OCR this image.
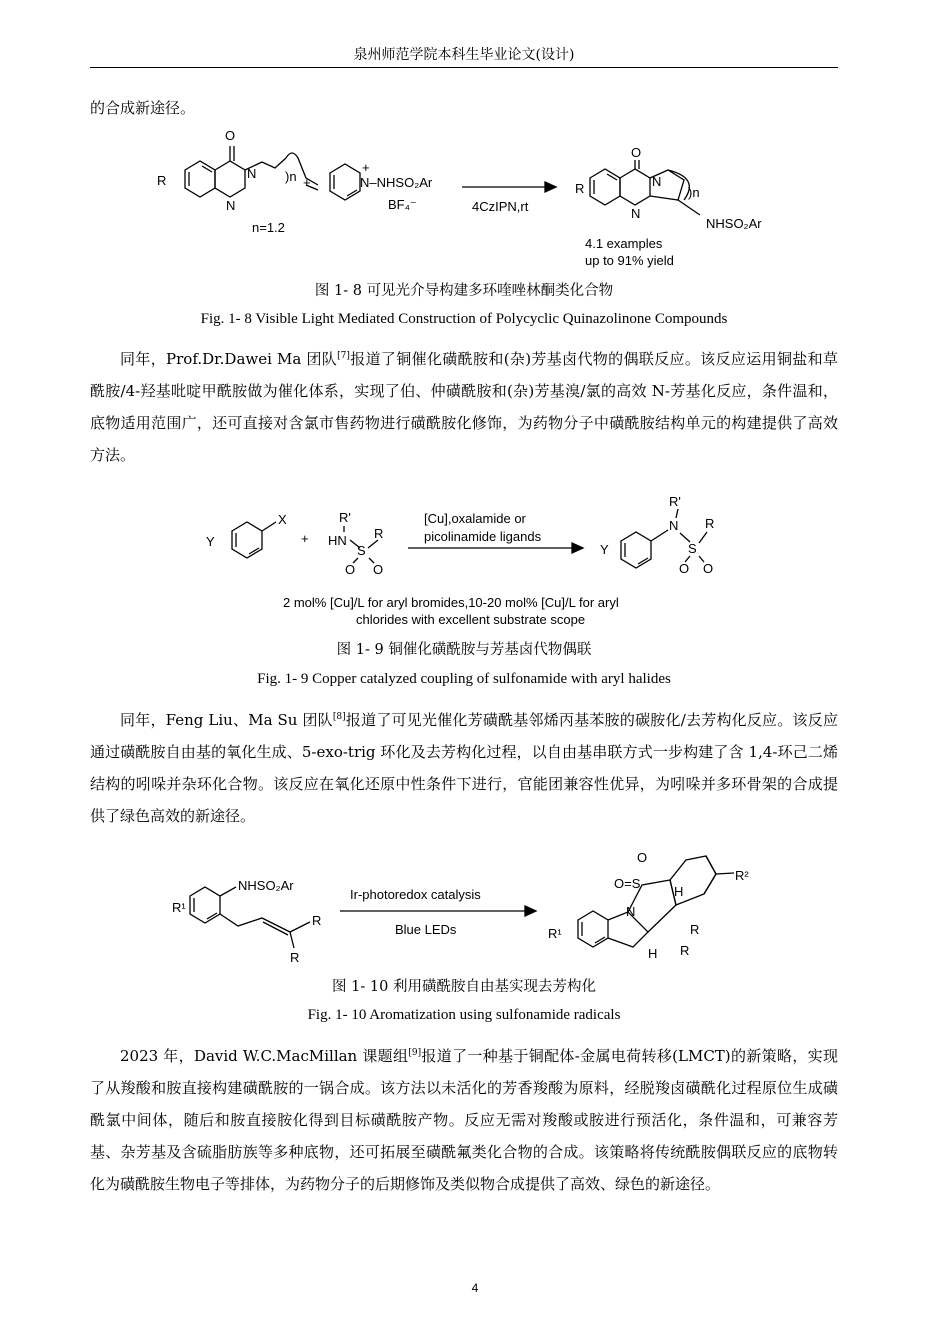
泉州师范学院本科生毕业论文(设计)
的合成新途径。
O
N
N
R	)n
n=1.2
+	N–NHSO₂Ar
+
BF₄⁻	4CzIPN,rt
O
R	N
N
)n
NHSO₂Ar
4.1 examples
up to 91% yield
图 1- 8 可见光介导构建多环喹唑林酮类化合物
Fig. 1- 8 Visible Light Mediated Construction of Polycyclic Quinazolinone Compounds
同年，Prof.Dr.Dawei Ma 团队[7]报道了铜催化磺酰胺和(杂)芳基卤代物的偶联反应。该反应运用铜盐和草酰胺/4-羟基吡啶甲酰胺做为催化体系，实现了伯、仲磺酰胺和(杂)芳基溴/氯的高效 N-芳基化反应，条件温和，底物适用范围广，还可直接对含氯市售药物进行磺酰胺化修饰，为药物分子中磺酰胺结构单元的构建提供了高效方法。
X
Y	+
R'
HN
S
R
O O
[Cu],oxalamide or
picolinamide ligands
Y
N
R'
S
R
O O
2 mol% [Cu]/L for aryl bromides,10-20 mol% [Cu]/L for aryl
chlorides with excellent substrate scope
图 1- 9 铜催化磺酰胺与芳基卤代物偶联
Fig. 1- 9 Copper catalyzed coupling of sulfonamide with aryl halides
同年，Feng Liu、Ma Su 团队[8]报道了可见光催化芳磺酰基邻烯丙基苯胺的碳胺化/去芳构化反应。该反应通过磺酰胺自由基的氧化生成、5-exo-trig 环化及去芳构化过程，以自由基串联方式一步构建了含 1,4-环己二烯结构的吲哚并杂环化合物。该反应在氧化还原中性条件下进行，官能团兼容性优异，为吲哚并多环骨架的合成提供了绿色高效的新途径。
NHSO₂Ar
R¹
R
R
Ir-photoredox catalysis
Blue LEDs
O
O=S
N
H
H
R²
R¹	R
R
图 1- 10 利用磺酰胺自由基实现去芳构化
Fig. 1- 10 Aromatization using sulfonamide radicals
2023 年，David W.C.MacMillan 课题组[9]报道了一种基于铜配体-金属电荷转移(LMCT)的新策略，实现了从羧酸和胺直接构建磺酰胺的一锅合成。该方法以未活化的芳香羧酸为原料，经脱羧卤磺酰化过程原位生成磺酰氯中间体，随后和胺直接胺化得到目标磺酰胺产物。反应无需对羧酸或胺进行预活化，条件温和，可兼容芳基、杂芳基及含硫脂肪族等多种底物，还可拓展至磺酰氟类化合物的合成。该策略将传统酰胺偶联反应的底物转化为磺酰胺生物电子等排体，为药物分子的后期修饰及类似物合成提供了高效、绿色的新途径。
4
